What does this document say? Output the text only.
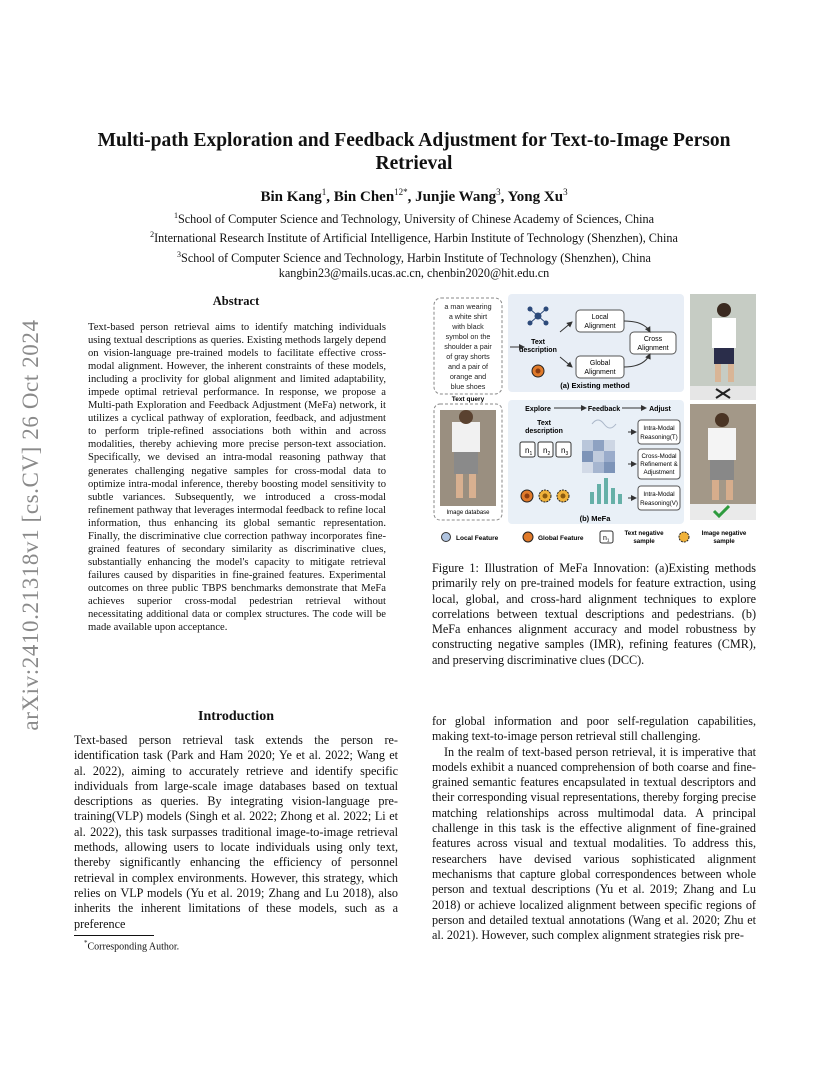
arXiv:2410.21318v1 [cs.CV] 26 Oct 2024
Multi-path Exploration and Feedback Adjustment for Text-to-Image Person Retrieval
Bin Kang$^1$, Bin Chen$^{12*}$, Junjie Wang$^3$, Yong Xu$^3$
$^1$School of Computer Science and Technology, University of Chinese Academy of Sciences, China
$^2$International Research Institute of Artificial Intelligence, Harbin Institute of Technology (Shenzhen), China
$^3$School of Computer Science and Technology, Harbin Institute of Technology (Shenzhen), China
kangbin23@mails.ucas.ac.cn, chenbin2020@hit.edu.cn
Abstract
Text-based person retrieval aims to identify matching individuals using textual descriptions as queries. Existing methods largely depend on vision-language pre-trained models to facilitate effective cross-modal alignment. However, the inherent constraints of these models, including a proclivity for global alignment and limited adaptability, impede optimal retrieval performance. In response, we propose a Multi-path Exploration and Feedback Adjustment (MeFa) network, it utilizes a cyclical pathway of exploration, feedback, and adjustment to perform triple-refined associations both within and across modalities, thereby achieving more precise person-text association. Specifically, we devised an intra-modal reasoning pathway that generates challenging negative samples for cross-modal data to optimize intra-modal inference, thereby boosting model sensitivity to subtle variances. Subsequently, we introduced a cross-modal refinement pathway that leverages intermodal feedback to refine local information, thus enhancing its global semantic representation. Finally, the discriminative clue correction pathway incorporates fine-grained features of secondary similarity as discriminative clues, substantially enhancing the model's capacity to mitigate retrieval failures caused by disparities in fine-grained features. Experimental outcomes on three public TBPS benchmarks demonstrate that MeFa achieves superior cross-modal pedestrian retrieval without necessitating additional data or complex structures. The code will be made available upon acceptance.
a man wearing
a white shirt
with black
symbol on the
shoulder a pair
of gray shorts
and a pair of
orange and
blue shoes
Text query
Image database
Text
description
Local
Alignment
Global
Alignment
Cross
Alignment
(a) Existing method
Explore	Feedback	Adjust
Text
description
$n_1$ $n_2$ $n_3$
Intra-Modal
Reasoning(T)
Cross-Modal
Refinement &
Adjustment
Intra-Modal
Reasoning(V)
(b) MeFa
Local Feature	Global Feature	$n_1$
Text negative
sample
Image negative
sample
Figure 1: Illustration of MeFa Innovation: (a)Existing methods primarily rely on pre-trained models for feature extraction, using local, global, and cross-hard alignment techniques to explore correlations between textual descriptions and pedestrians. (b) MeFa enhances alignment accuracy and model robustness by constructing negative samples (IMR), refining features (CMR), and preserving discriminative clues (DCC).
Introduction

Text-based person retrieval task extends the person re-identification task (Park and Ham 2020; Ye et al. 2022; Wang et al. 2022), aiming to accurately retrieve and identify specific individuals from large-scale image databases based on textual descriptions as queries. By integrating vision-language pre-training(VLP) models (Singh et al. 2022; Zhong et al. 2022; Li et al. 2022), this task surpasses traditional image-to-image retrieval methods, allowing users to locate individuals using only text, thereby significantly enhancing the efficiency of personnel retrieval in complex environments. However, this strategy, which relies on VLP models (Yu et al. 2019; Zhang and Lu 2018), also inherits the inherent limitations of these models, such as a preference

for global information and poor self-regulation capabilities, making text-to-image person retrieval still challenging.

In the realm of text-based person retrieval, it is imperative that models exhibit a nuanced comprehension of both coarse and fine-grained semantic features encapsulated in textual descriptors and their corresponding visual representations, thereby forging precise matching relationships across multimodal data. A principal challenge in this task is the effective alignment of fine-grained features across visual and textual modalities. To address this, researchers have devised various sophisticated alignment mechanisms that capture global correspondences between whole person and textual descriptions (Yu et al. 2019; Zhang and Lu 2018) or achieve localized alignment between specific regions of person and detailed textual annotations (Wang et al. 2020; Zhu et al. 2021). However, such complex alignment strategies risk pre-

*Corresponding Author.
